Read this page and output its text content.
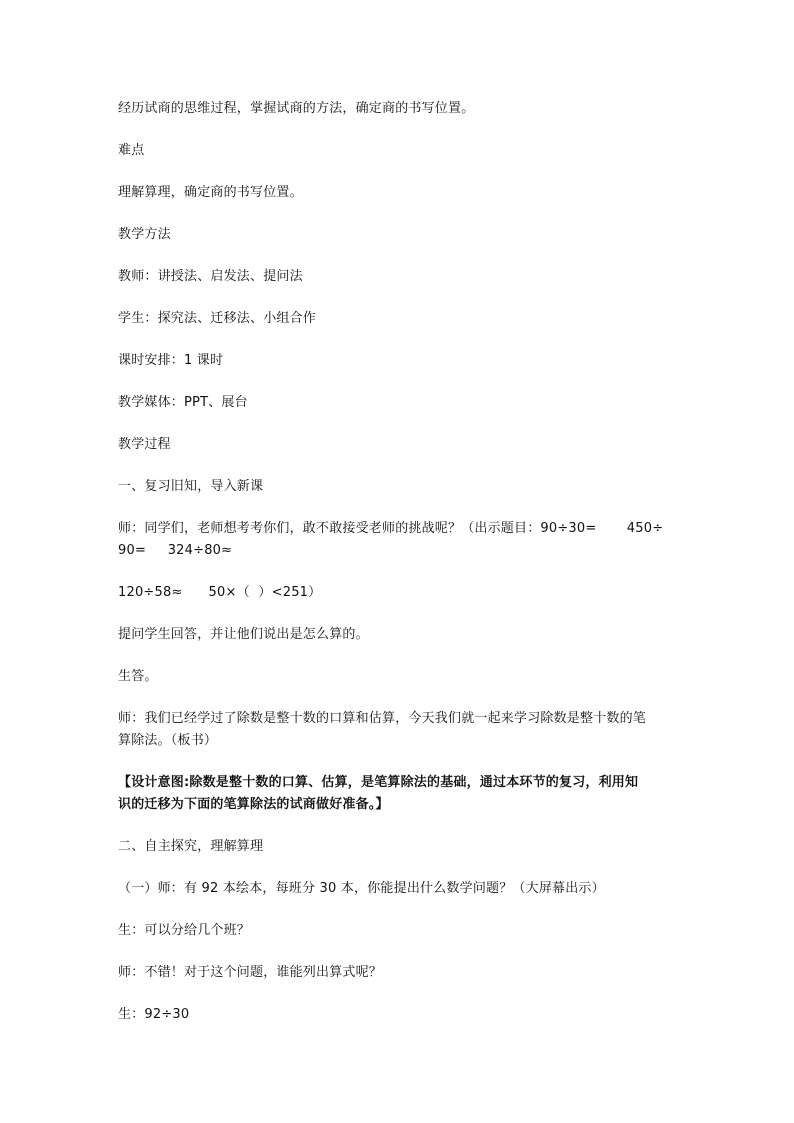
经历试商的思维过程，掌握试商的方法，确定商的书写位置。

难点

理解算理，确定商的书写位置。

教学方法

教师：讲授法、启发法、提问法

学生：探究法、迁移法、小组合作

课时安排：1 课时

教学媒体：PPT、展台

教学过程

一、复习旧知，导入新课

师：同学们，老师想考考你们，敢不敢接受老师的挑战呢？（出示题目：90÷30=       450÷

90=     324÷80≈

120÷58≈      50×（  ）<251）

提问学生回答，并让他们说出是怎么算的。

生答。

师：我们已经学过了除数是整十数的口算和估算，今天我们就一起来学习除数是整十数的笔

算除法。（板书）

【设计意图:除数是整十数的口算、估算，是笔算除法的基础，通过本环节的复习，利用知

识的迁移为下面的笔算除法的试商做好准备。】

二、自主探究，理解算理

（一）师：有 92 本绘本，每班分 30 本，你能提出什么数学问题？（大屏幕出示）

生：可以分给几个班？

师：不错！对于这个问题，谁能列出算式呢？

生：92÷30
